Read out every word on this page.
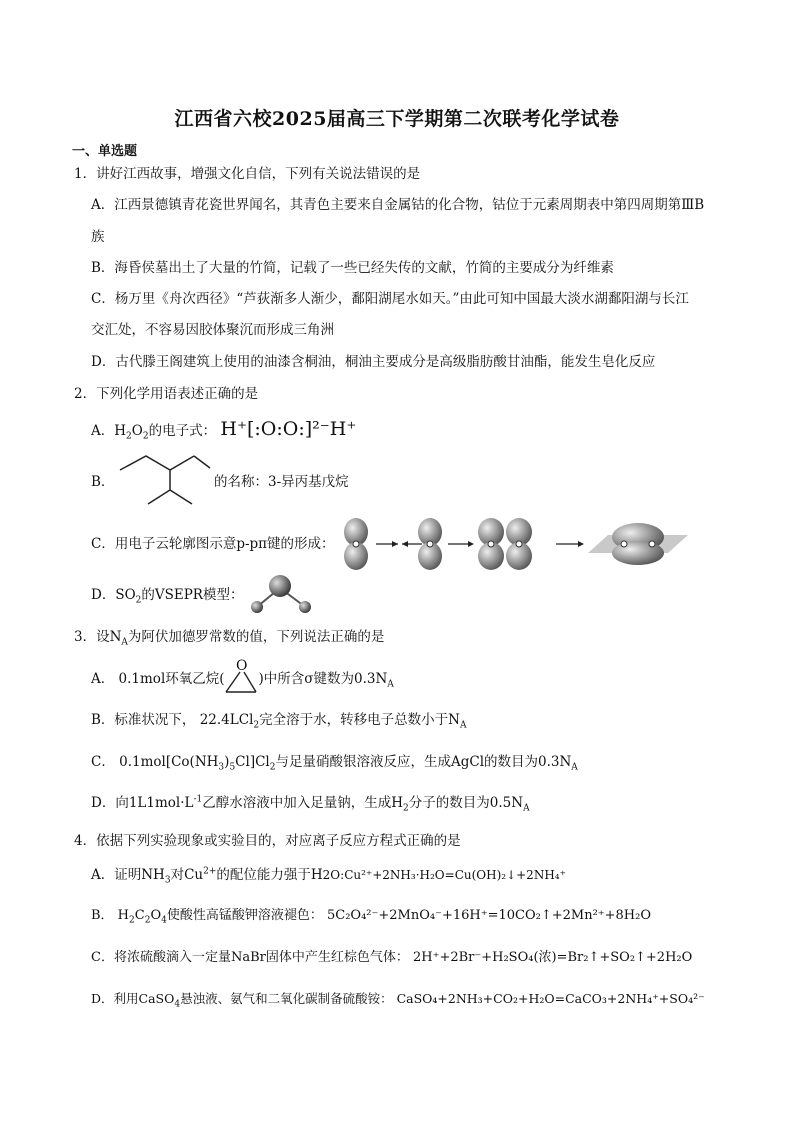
江西省六校2025届高三下学期第二次联考化学试卷
一、单选题
1．讲好江西故事，增强文化自信，下列有关说法错误的是
A．江西景德镇青花瓷世界闻名，其青色主要来自金属钴的化合物，钴位于元素周期表中第四周期第ⅢB
族
B．海昏侯墓出土了大量的竹简，记载了一些已经失传的文献，竹简的主要成分为纤维素
C．杨万里《舟次西径》“芦荻渐多人渐少，鄱阳湖尾水如天。”由此可知中国最大淡水湖鄱阳湖与长江
交汇处，不容易因胶体聚沉而形成三角洲
D．古代滕王阁建筑上使用的油漆含桐油，桐油主要成分是高级脂肪酸甘油酯，能发生皂化反应
2．下列化学用语表述正确的是
A．$H_2O_2$的电子式： H⁺[:O:O:]²⁻H⁺
B．	的名称：3-异丙基戊烷
C．用电子云轮廓图示意p-pπ键的形成：
D．$SO_2$的VSEPR模型：
3．设$N_A$为阿伏加德罗常数的值，下列说法正确的是
A． 0.1mol环氧乙烷(	)中所含σ键数为$0.3N_A$
O
B．标准状况下， 22.4LCl$_2$完全溶于水，转移电子总数小于$N_A$
C． $0.1mol[Co(NH_3)_5Cl]Cl_2$与足量硝酸银溶液反应，生成AgCl的数目为$0.3N_A$
D．向$1L1mol\cdot L^{-1}$乙醇水溶液中加入足量钠，生成$H_2$分子的数目为$0.5N_A$
4．依据下列实验现象或实验目的，对应离子反应方程式正确的是
A．证明$NH_3$对$Cu^{2+}$的配位能力强于H2O:Cu²⁺+2NH₃·H₂O=Cu(OH)₂↓+2NH₄⁺
B． $H_2C_2O_4$使酸性高锰酸钾溶液褪色： 5C₂O₄²⁻+2MnO₄⁻+16H⁺=10CO₂↑+2Mn²⁺+8H₂O
C．将浓硫酸滴入一定量NaBr固体中产生红棕色气体： 2H⁺+2Br⁻+H₂SO₄(浓)=Br₂↑+SO₂↑+2H₂O
D．利用CaSO$_4$悬浊液、氨气和二氧化碳制备硫酸铵： CaSO₄+2NH₃+CO₂+H₂O=CaCO₃+2NH₄⁺+SO₄²⁻
